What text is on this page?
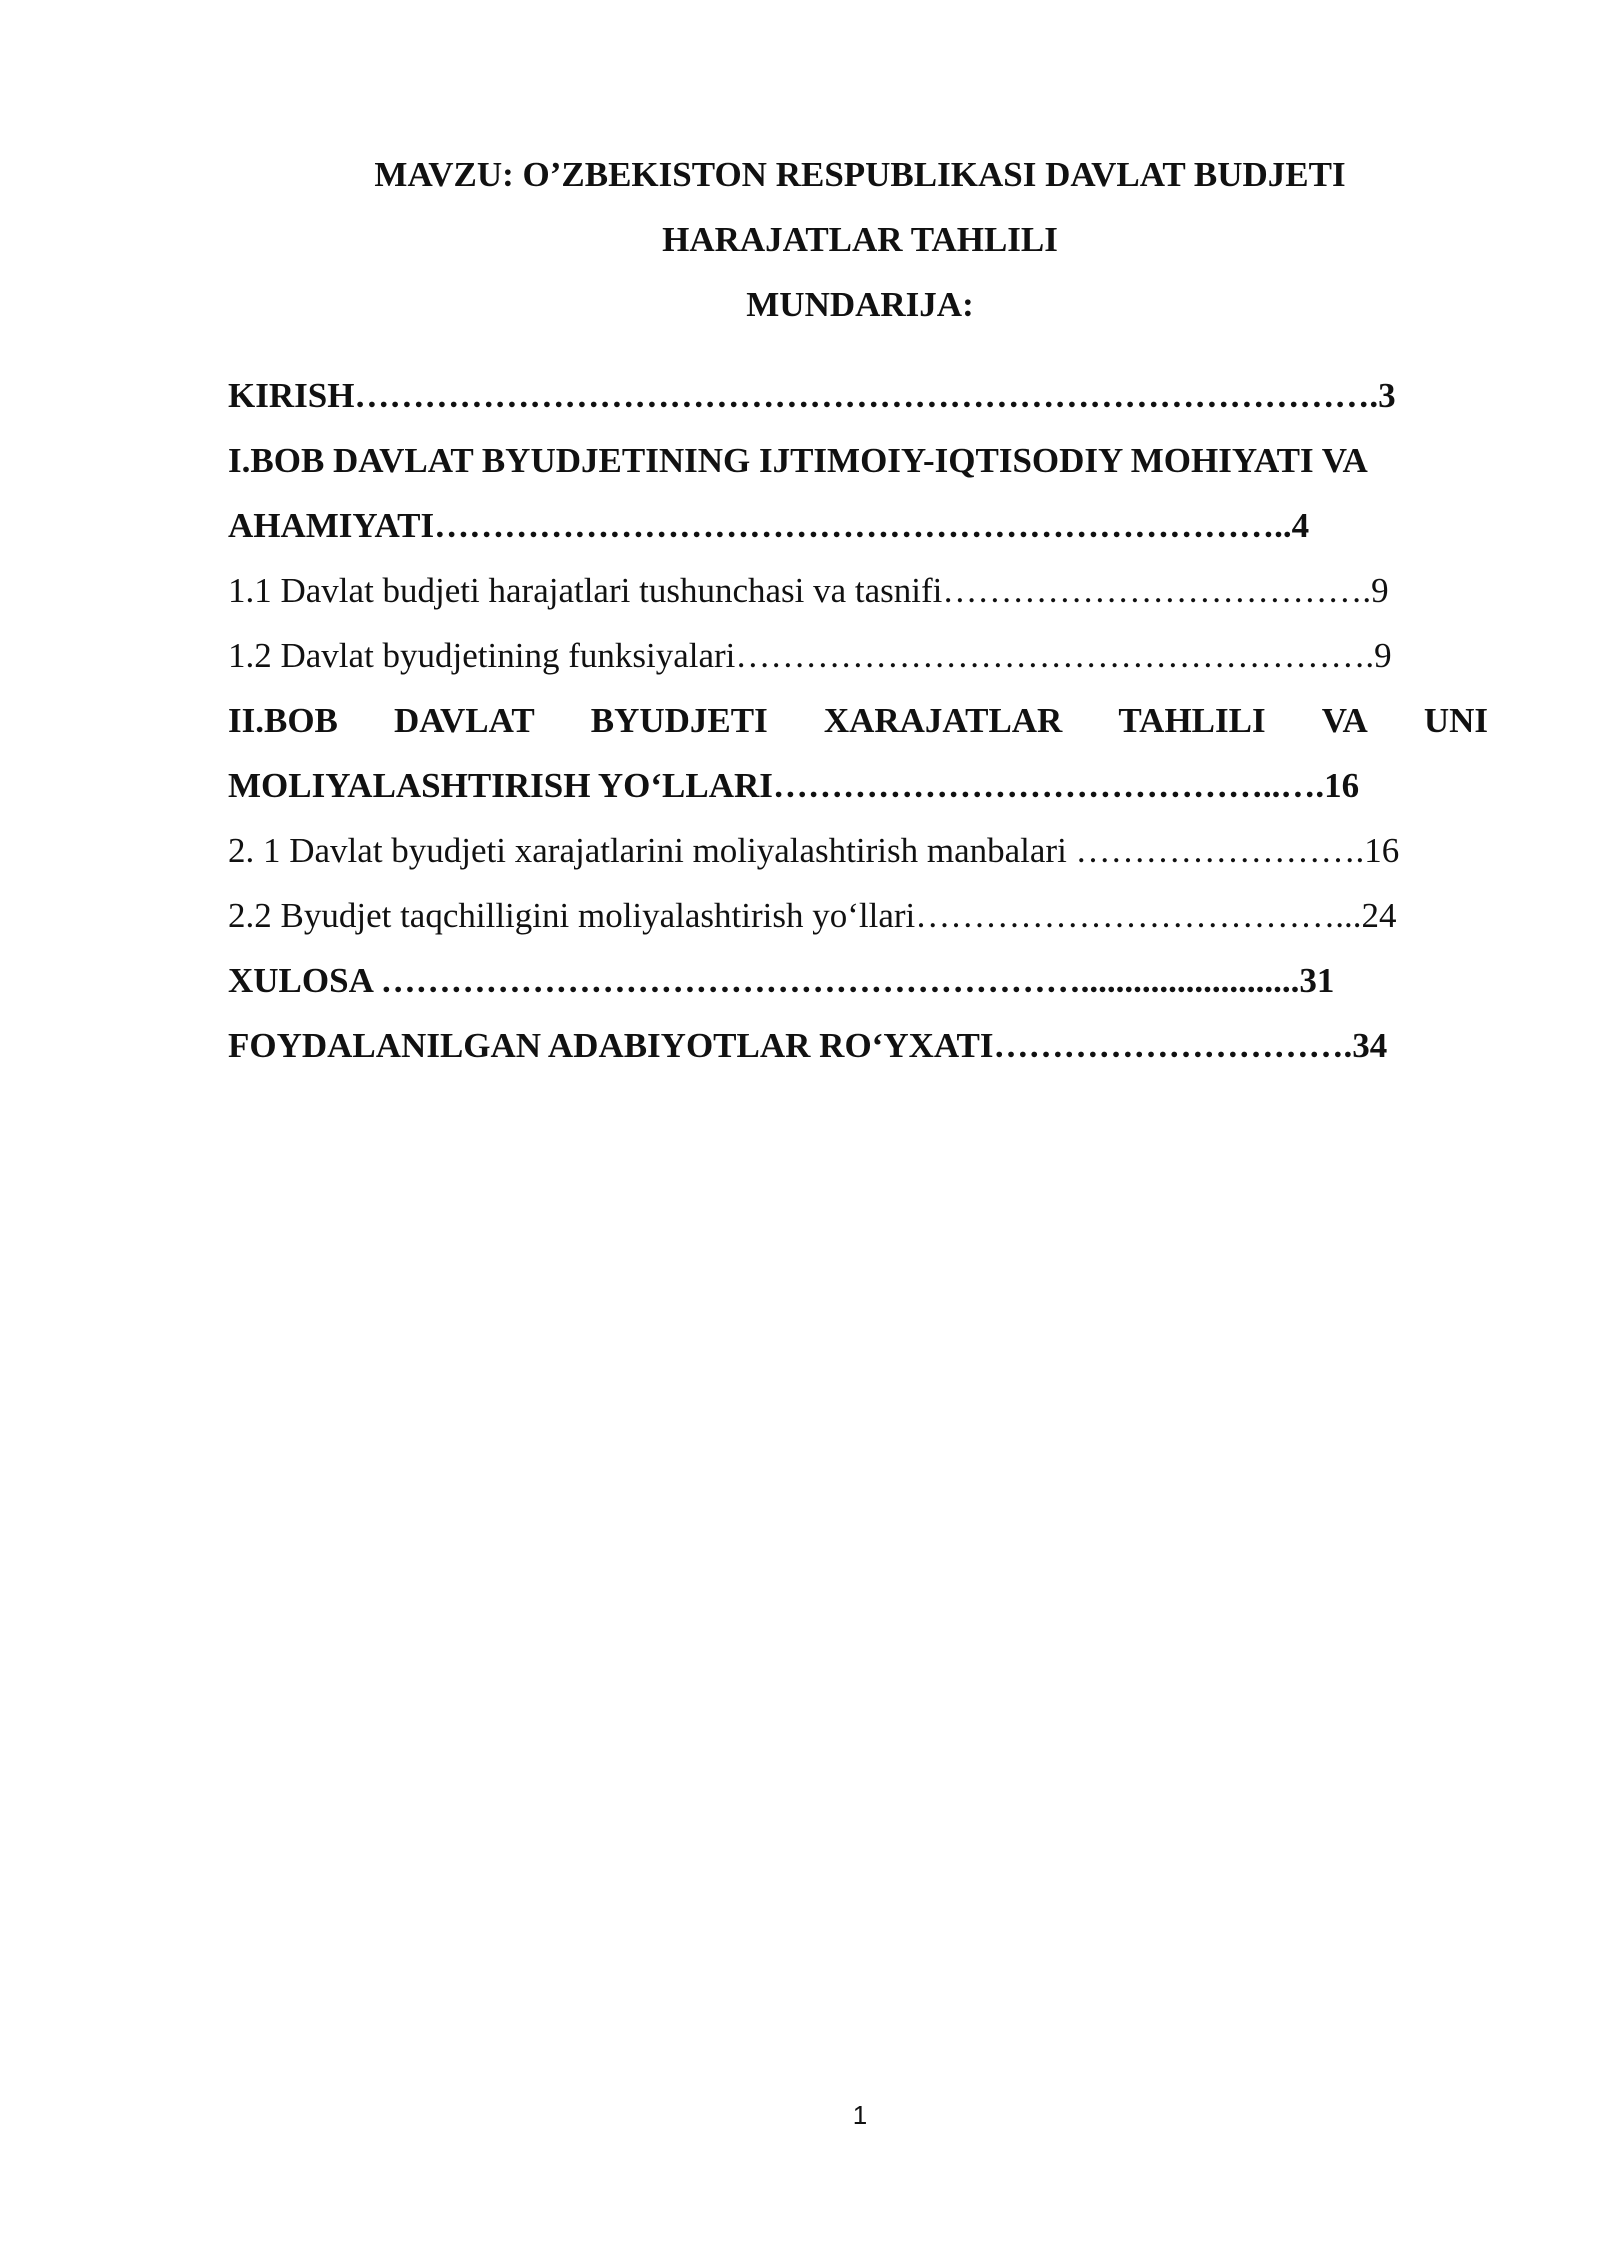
MAVZU: O’ZBEKISTON RESPUBLIKASI DAVLAT BUDJETI
HARAJATLAR TAHLILI
MUNDARIJA:
KIRISH…………………………………………………………………………….3
I.BOB DAVLAT BYUDJETINING IJTIMOIY-IQTISODIY MOHIYATI VA
AHAMIYATI………………………………………………………………..4
1.1 Davlat budjeti harajatlari tushunchasi va tasnifi……………………………….9
1.2 Davlat byudjetining funksiyalari……………………………………………….9
II.BOB DAVLAT BYUDJETI XARAJATLAR TAHLILI VA UNI
MOLIYALASHTIRISH YO‘LLARI……………………………………..….16
2. 1 Davlat byudjeti xarajatlarini moliyalashtirish manbalari …………………….16
2.2 Byudjet taqchilligini moliyalashtirish yo‘llari………………………………...24
XULOSA …………………………………………………….........................31
FOYDALANILGAN ADABIYOTLAR RO‘YXATI………………………….34
1
